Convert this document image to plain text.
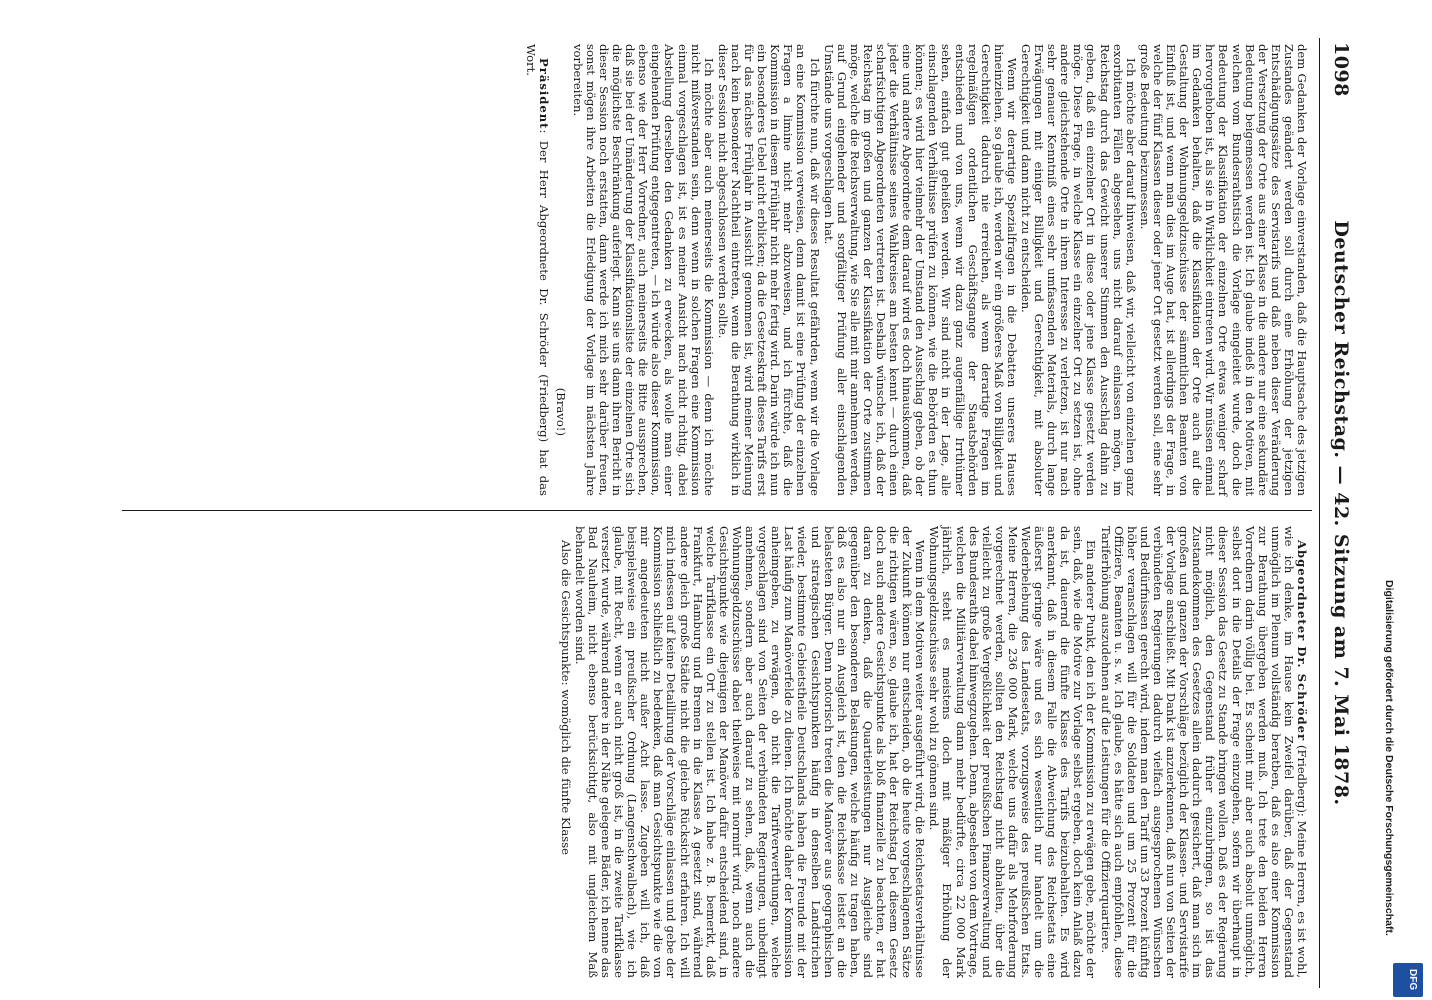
1098
Deutscher Reichstag. — 42. Sitzung am 7. Mai 1878.

dem Gedanken der Vorlage einverstanden, daß die Hauptsache des jetzigen Zustandes geändert werden soll durch eine Erhöhung der jetzigen Entschädigungssätze des Servistarifs und daß neben dieser Veränderung der Versetzung der Orte aus einer Klasse in die andere nur eine sekundäre Bedeutung beigemessen werden ist. Ich glaube indeß in den Motiven, mit welchen vom Bundesrathstisch die Vorlage eingeleitet wurde, doch die Bedeutung der Klassifikation der einzelnen Orte etwas weniger scharf hervorgehoben ist, als sie in Wirklichkeit eintreten wird. Wir müssen einmal im Gedanken behalten, daß die Klassifikation der Orte auch auf die Gestaltung der Wohnungsgeldzuschüsse der sämmtlichen Beamten von Einfluß ist, und wenn man dies im Auge hat, ist allerdings der Frage, in welche der fünf Klassen dieser oder jener Ort gesetzt werden soll, eine sehr große Bedeutung beizumessen.

Ich möchte aber darauf hinweisen, daß wir, vielleicht von einzelnen ganz exorbitanten Fällen abgesehen, uns nicht darauf einlassen mögen, im Reichstag durch das Gewicht unserer Stimmen den Ausschlag dahin zu geben, daß ein einzelner Ort in diese oder jene Klasse gesetzt werden möge. Diese Frage, in welche Klasse ein einzelner Ort zu setzen ist, ohne andere gleichstehende Orte in ihrem Interesse zu verletzen, ist nur nach sehr genauer Kenntniß eines sehr umfassenden Materials, durch lange Erwägungen mit einiger Billigkeit und Gerechtigkeit, mit absoluter Gerechtigkeit und dann nicht zu entscheiden.

Wenn wir derartige Spezialfragen in die Debatten unseres Hauses hineinziehen, so glaube ich, werden wir ein größeres Maß von Billigkeit und Gerechtigkeit dadurch nie erreichen, als wenn derartige Fragen im regelmäßigen ordentlichen Geschäftsgange der Staatsbehörden entschieden und von uns, wenn wir dazu ganz augenfällige Irrthümer sehen, einfach gut geheißen werden. Wir sind nicht in der Lage, alle einschlagenden Verhältnisse prüfen zu können, wie die Bebörden es thun können; es wird hier vielmehr der Umstand den Ausschlag geben, ob der eine und andere Abgeordnete dem darauf wird es doch hinauskommen, daß jeder die Verhältnisse seines Wahlkreises am besten kennt — durch einen scharfsichtigen Abgeordneten vertreten ist. Deshalb wünsche ich, daß der Reichstag im großen und ganzen der Klassifikation der Orte zustimmen möge, welche die Reichsverwaltung, wie Sie alle mit mir annehmen werden, auf Grund eingehender und sorgfältiger Prüfung aller einschlagenden Umstände uns vorgeschlagen hat.

Ich fürchte nun, daß wir dieses Resultat gefährden, wenn wir die Vorlage an eine Kommission verweisen, denn damit ist eine Prüfung der einzelnen Fragen a limine nicht mehr abzuweisen, und ich fürchte, daß die Kommission in diesem Frühjahr nicht mehr fertig wird. Darin würde ich nun ein besonderes Uebel nicht erblicken; da die Gesetzeskraft dieses Tarifs erst für das nächste Frühjahr in Aussicht genommen ist, wird meiner Meinung nach kein besonderer Nachtheil eintreten, wenn die Berathung wirklich in dieser Session nicht abgeschlossen werden sollte.

Ich möchte aber auch meinerseits die Kommission — denn ich möchte nicht mißverstanden sein, denn wenn in solchen Fragen eine Kommission einmal vorgeschlagen ist, ist es meiner Ansicht nach nicht richtig, dabei Abstellung derselben den Gedanken zu erwecken, als wolle man einer eingehenden Prüfung entgegentreten, — ich würde also dieser Kommission, ebenso wie der Herr Vorredner, auch meinerseits die Bitte aussprechen, daß sie bei der Umänderung der Klassifikationsliste der einzelnen Orte sich die möglichste Beschränkung auferlegt. Kann sie uns dann ihren Bericht in dieser Session noch erstatten, dann werde ich mich sehr darüber freuen, sonst mögen ihre Arbeiten die Erledigung der Vorlage im nächsten Jahre vorbereiten.

(Bravo!)

Präsident: Der Herr Abgeordnete Dr. Schröder (Friedberg) hat das Wort.

Abgeordneter Dr. Schröder (Friedberg): Meine Herren, es ist wohl, wie ich denke, im Hause kein Zweifel darüber, daß der Gegenstand unmöglich im Plenum vollständig beratben, daß es also einer Kommission zur Berathung übergeben werden muß. Ich trete den beiden Herren Vorrednern darin völlig bei. Es scheint mir aber auch absolut unmöglich, selbst dort in die Details der Frage einzugehen, sofern wir überhaupt in dieser Session das Gesetz zu Stande bringen wollen. Daß es der Regierung nicht möglich, den Gegenstand früher einzubringen, so ist das Zustandekommen des Gesetzes allein dadurch gesichert, daß man sich im großen und ganzen der Vorschläge bezüglich der Klassen- und Servistarife der Vorlage anschließt. Mit Dank ist anzuerkennen, daß nun von Seiten der verbündeten Regierungen dadurch vielfach ausgesprochenen Wünschen und Bedürfnissen gerecht wird, indem man den Tarif um 33 Prozent künftig höher veranschlagen will für die Soldaten und um 25 Prozent für die Offiziere, Beamten u. s. w. Ich glaube, es hätte sich auch empfohlen, diese Tariferhöhung auszudehnen auf die Leistungen für die Offizierquartiere.

Ein anderer Punkt, den ich der Kommission zu erwägen gebe, möchte der sein, daß, wie die Motive zur Vorlage selbst ergeben, doch kein Anlaß dazu da ist, dauernd die fünfte Klasse des Tarifs beizubehalten. Es wird anerkannt, daß in diesem Falle die Abweichung des Reichsetats eine äußerst geringe wäre und es sich wesentlich nur handelt um die Wiederbelebung des Landesetats, vorzugsweise des preußischen Etats. Meine Herren, die 236 000 Mark, welche uns dafür als Mehrforderung vorgerechnet werden, sollten den Reichstag nicht abhalten, über die vielleicht zu große Vergeßlichkeit der preußischen Finanzverwaltung und des Bundesraths dabei hinwegzugehen. Denn, abgesehen von dem Vortrage, welchen die Militärverwaltung dann mehr bedürfte, circa 22 000 Mark jährlich, steht es meistens doch mit mäßiger Erhöhung der Wohnungsgeldzuschüsse sehr wohl zu gönnen sind.

Wenn in dem Motiven weiter ausgeführt wird, die Reichsetatsverhältnisse der Zukunft können nur entscheiden, ob die heute vorgeschlagenen Sätze die richtigen wären, so, glaube ich, hat der Reichstag bei diesem Gesetz doch auch andere Gesichtspunkte als bloß finanzielle zu beachten, er hat daran zu denken, daß die Quartierleistungen nur Ausgleiche sind gegenüber den besonderen Belastungen, welche häufig zu tragen haben, daß es also nur ein Ausgleich ist, den die Reichskasse leistet an die belasteten Bürger. Denn notorisch treten die Manöver aus geographischen und strategischen Gesichtspunkten häufig in denselben Landstrichen wieder, bestimmte Gebietstheile Deutschlands haben die Freunde mit der Last häufig zum Manöverfelde zu dienen. Ich möchte daher der Kommission anheimgeben, zu erwägen, ob nicht die Tarifverwerthungen, welche vorgeschlagen sind von Seiten der verbündeten Regierungen, unbedingt annehmen, sondern aber auch darauf zu sehen, daß, wenn auch die Wohnungsgeldzuschüsse dabei theilweise mit normirt wird, noch andere Gesichtspunkte wie diejenigen der Manöver dafür entscheidend sind, in welche Tarifklasse ein Ort zu stellen ist. Ich habe z. B. bemerkt, daß Frankfurt, Hamburg und Bremen in die Klasse A gesetzt sind, während andere gleich große Städte nicht die gleiche Rücksicht erfahren. Ich will mich indessen auf keine Detaillirung der Vorschläge einlassen und gebe der Kommission schließlich zu bedenken, daß man Gesichtspunkte wie die von mir angedeuteten nicht außer Acht lasse. Zugeben will ich, daß beispielsweise ein preußischer Ordnung (Langenschwalbach), wie ich glaube, mit Recht, wenn er auch nicht groß ist, in die zweite Tarifklasse versetzt wurde, während andere in der Nähe gelegene Bäder, ich nenne das Bad Nauheim, nicht ebenso berücksichtigt, also mit ungleichem Maß behandelt worden sind.

Also die Gesichtspunkte: womöglich die fünfte Klasse	Digitalisierung gefördert durch die Deutsche Forschungsgemeinschaft.
DFG
